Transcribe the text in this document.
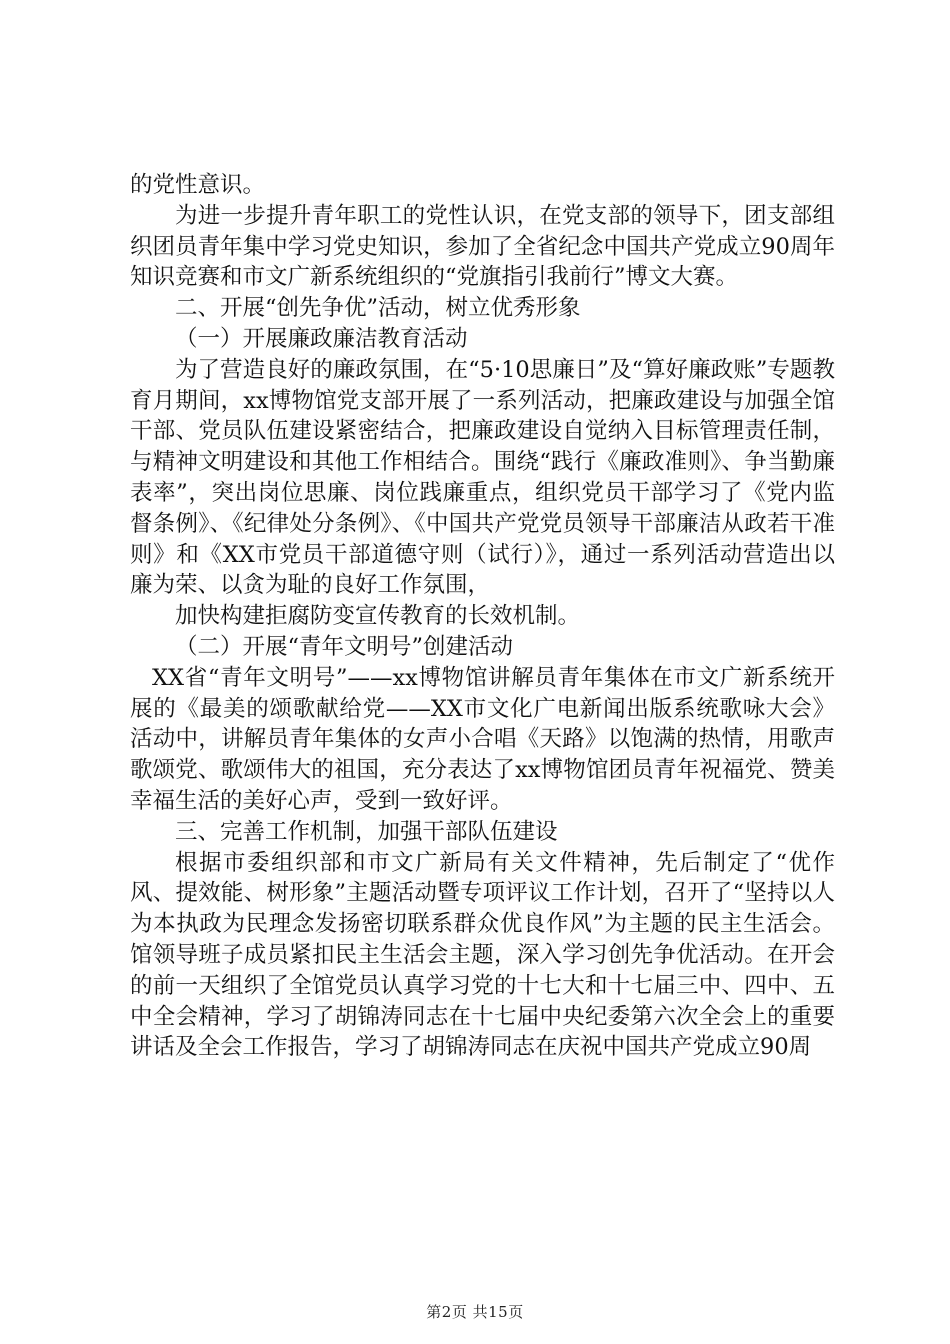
的党性意识。

为进一步提升青年职工的党性认识，在党支部的领导下，团支部组织团员青年集中学习党史知识，参加了全省纪念中国共产党成立90周年知识竞赛和市文广新系统组织的“党旗指引我前行”博文大赛。

二、开展“创先争优”活动，树立优秀形象

（一）开展廉政廉洁教育活动

为了营造良好的廉政氛围，在“5·10思廉日”及“算好廉政账”专题教育月期间，xx博物馆党支部开展了一系列活动，把廉政建设与加强全馆干部、党员队伍建设紧密结合，把廉政建设自觉纳入目标管理责任制，与精神文明建设和其他工作相结合。围绕“践行《廉政准则》、争当勤廉表率”，突出岗位思廉、岗位践廉重点，组织党员干部学习了《党内监督条例》、《纪律处分条例》、《中国共产党党员领导干部廉洁从政若干准则》和《XX市党员干部道德守则（试行）》，通过一系列活动营造出以廉为荣、以贪为耻的良好工作氛围，

加快构建拒腐防变宣传教育的长效机制。

（二）开展“青年文明号”创建活动

XX省“青年文明号”——xx博物馆讲解员青年集体在市文广新系统开展的《最美的颂歌献给党——XX市文化广电新闻出版系统歌咏大会》活动中，讲解员青年集体的女声小合唱《天路》以饱满的热情，用歌声歌颂党、歌颂伟大的祖国，充分表达了xx博物馆团员青年祝福党、赞美幸福生活的美好心声，受到一致好评。

三、完善工作机制，加强干部队伍建设

根据市委组织部和市文广新局有关文件精神，先后制定了“优作风、提效能、树形象”主题活动暨专项评议工作计划，召开了“坚持以人为本执政为民理念发扬密切联系群众优良作风”为主题的民主生活会。馆领导班子成员紧扣民主生活会主题，深入学习创先争优活动。在开会的前一天组织了全馆党员认真学习党的十七大和十七届三中、四中、五中全会精神，学习了胡锦涛同志在十七届中央纪委第六次全会上的重要讲话及全会工作报告，学习了胡锦涛同志在庆祝中国共产党成立90周

第2页 共15页
